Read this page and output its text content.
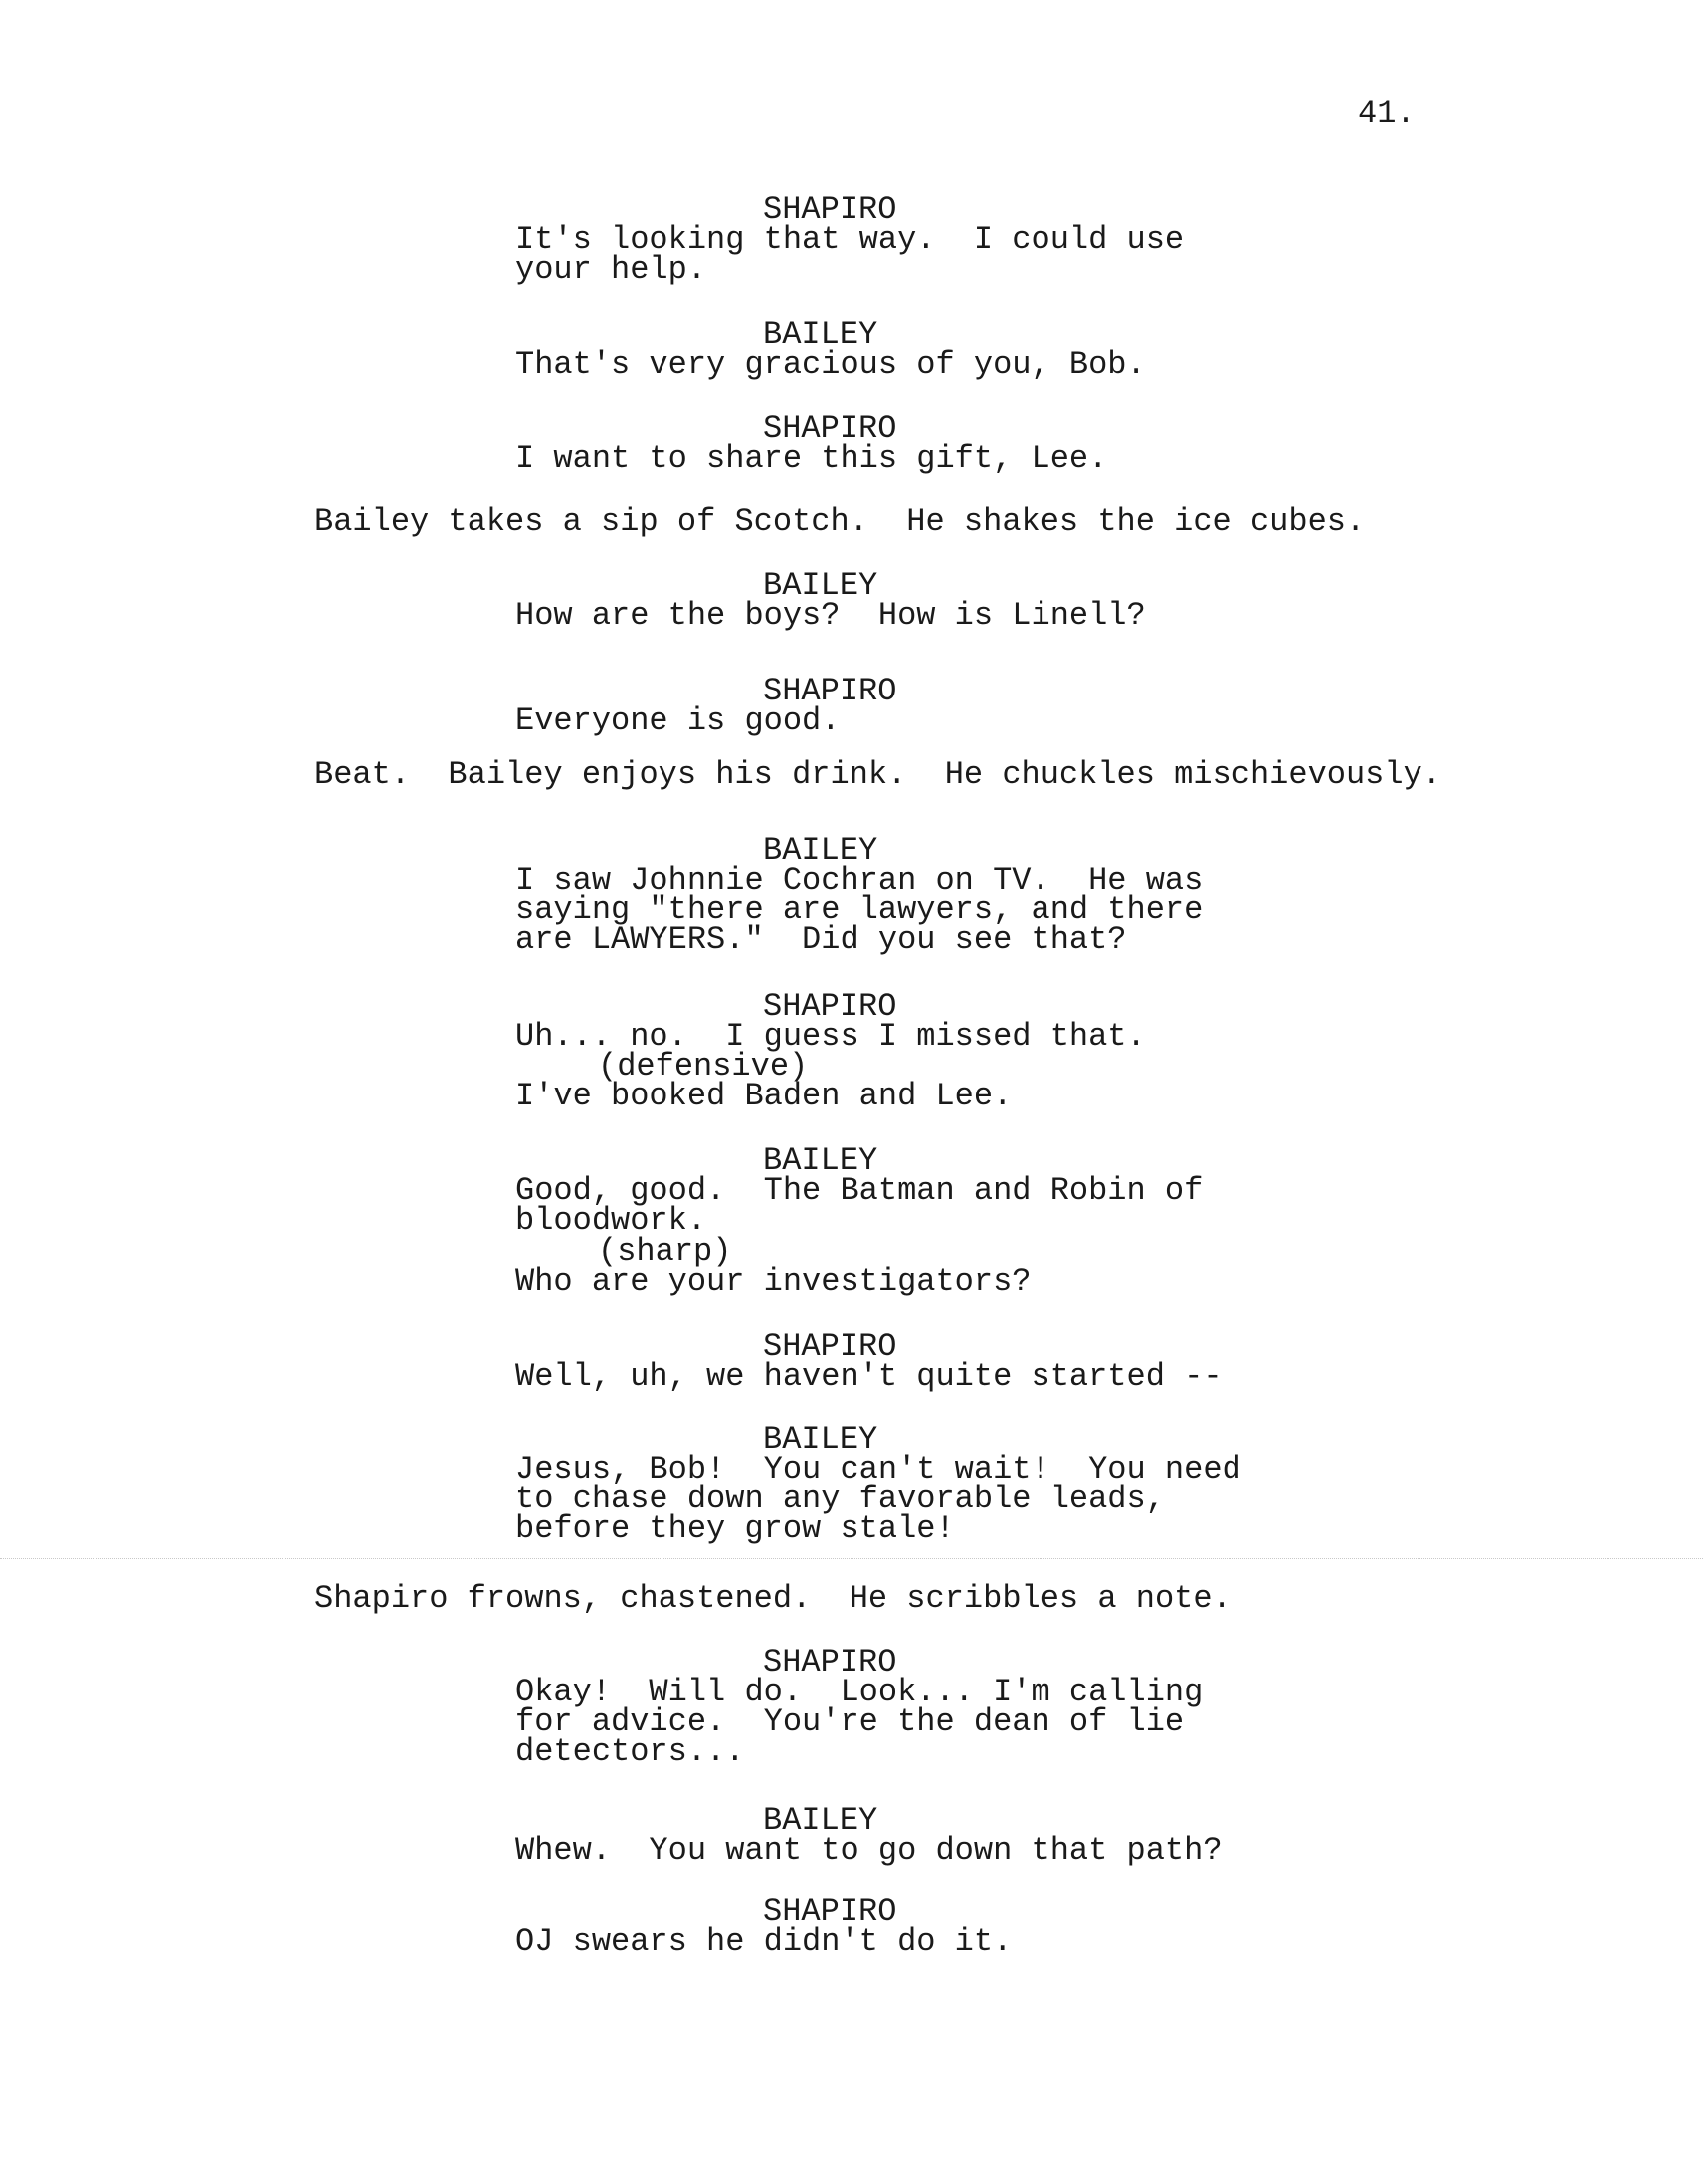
41.
SHAPIRO
It's looking that way.  I could use
your help.
BAILEY
That's very gracious of you, Bob.
SHAPIRO
I want to share this gift, Lee.
Bailey takes a sip of Scotch.  He shakes the ice cubes.
BAILEY
How are the boys?  How is Linell?
SHAPIRO
Everyone is good.
Beat.  Bailey enjoys his drink.  He chuckles mischievously.
BAILEY
I saw Johnnie Cochran on TV.  He was
saying "there are lawyers, and there
are LAWYERS."  Did you see that?
SHAPIRO
Uh... no.  I guess I missed that.
(defensive)
I've booked Baden and Lee.
BAILEY
Good, good.  The Batman and Robin of
bloodwork.
(sharp)
Who are your investigators?
SHAPIRO
Well, uh, we haven't quite started --
BAILEY
Jesus, Bob!  You can't wait!  You need
to chase down any favorable leads,
before they grow stale!
Shapiro frowns, chastened.  He scribbles a note.
SHAPIRO
Okay!  Will do.  Look... I'm calling
for advice.  You're the dean of lie
detectors...
BAILEY
Whew.  You want to go down that path?
SHAPIRO
OJ swears he didn't do it.
